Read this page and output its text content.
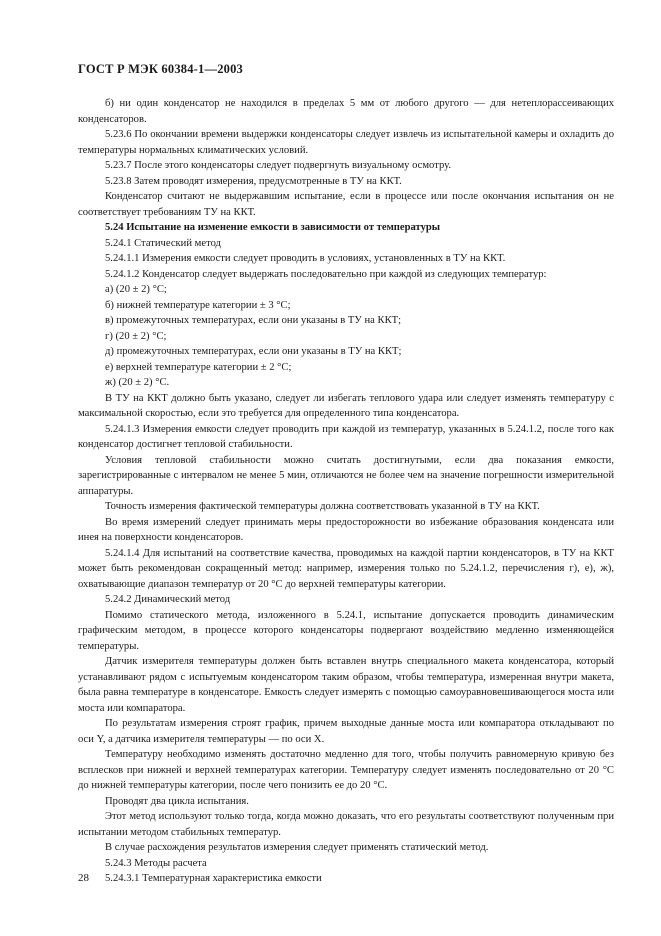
ГОСТ Р МЭК 60384-1—2003

б) ни один конденсатор не находился в пределах 5 мм от любого другого — для нетеплорассеивающих конденсаторов.

5.23.6 По окончании времени выдержки конденсаторы следует извлечь из испытательной камеры и охладить до температуры нормальных климатических условий.

5.23.7 После этого конденсаторы следует подвергнуть визуальному осмотру.

5.23.8 Затем проводят измерения, предусмотренные в ТУ на ККТ.

Конденсатор считают не выдержавшим испытание, если в процессе или после окончания испытания он не соответствует требованиям ТУ на ККТ.

5.24 Испытание на изменение емкости в зависимости от температуры

5.24.1 Статический метод

5.24.1.1 Измерения емкости следует проводить в условиях, установленных в ТУ на ККТ.

5.24.1.2 Конденсатор следует выдержать последовательно при каждой из следующих температур:

а) (20 ± 2) °С;

б) нижней температуре категории ± 3 °С;

в) промежуточных температурах, если они указаны в ТУ на ККТ;

г) (20 ± 2) °С;

д) промежуточных температурах, если они указаны в ТУ на ККТ;

е) верхней температуре категории ± 2 °С;

ж) (20 ± 2) °С.

В ТУ на ККТ должно быть указано, следует ли избегать теплового удара или следует изменять температуру с максимальной скоростью, если это требуется для определенного типа конденсатора.

5.24.1.3 Измерения емкости следует проводить при каждой из температур, указанных в 5.24.1.2, после того как конденсатор достигнет тепловой стабильности.

Условия тепловой стабильности можно считать достигнутыми, если два показания емкости, зарегистрированные с интервалом не менее 5 мин, отличаются не более чем на значение погрешности измерительной аппаратуры.

Точность измерения фактической температуры должна соответствовать указанной в ТУ на ККТ.

Во время измерений следует принимать меры предосторожности во избежание образования конденсата или инея на поверхности конденсаторов.

5.24.1.4 Для испытаний на соответствие качества, проводимых на каждой партии конденсаторов, в ТУ на ККТ может быть рекомендован сокращенный метод: например, измерения только по 5.24.1.2, перечисления г), е), ж), охватывающие диапазон температур от 20 °С до верхней температуры категории.

5.24.2 Динамический метод

Помимо статического метода, изложенного в 5.24.1, испытание допускается проводить динамическим графическим методом, в процессе которого конденсаторы подвергают воздействию медленно изменяющейся температуры.

Датчик измерителя температуры должен быть вставлен внутрь специального макета конденсатора, который устанавливают рядом с испытуемым конденсатором таким образом, чтобы температура, измеренная внутри макета, была равна температуре в конденсаторе. Емкость следует измерять с помощью самоуравновешивающегося моста или моста или компаратора.

По результатам измерения строят график, причем выходные данные моста или компаратора откладывают по оси Y, а датчика измерителя температуры — по оси X.

Температуру необходимо изменять достаточно медленно для того, чтобы получить равномерную кривую без всплесков при нижней и верхней температурах категории. Температуру следует изменять последовательно от 20 °С до нижней температуры категории, после чего понизить ее до 20 °С.

Проводят два цикла испытания.

Этот метод используют только тогда, когда можно доказать, что его результаты соответствуют полученным при испытании методом стабильных температур.

В случае расхождения результатов измерения следует применять статический метод.

5.24.3 Методы расчета

5.24.3.1 Температурная характеристика емкости

28
